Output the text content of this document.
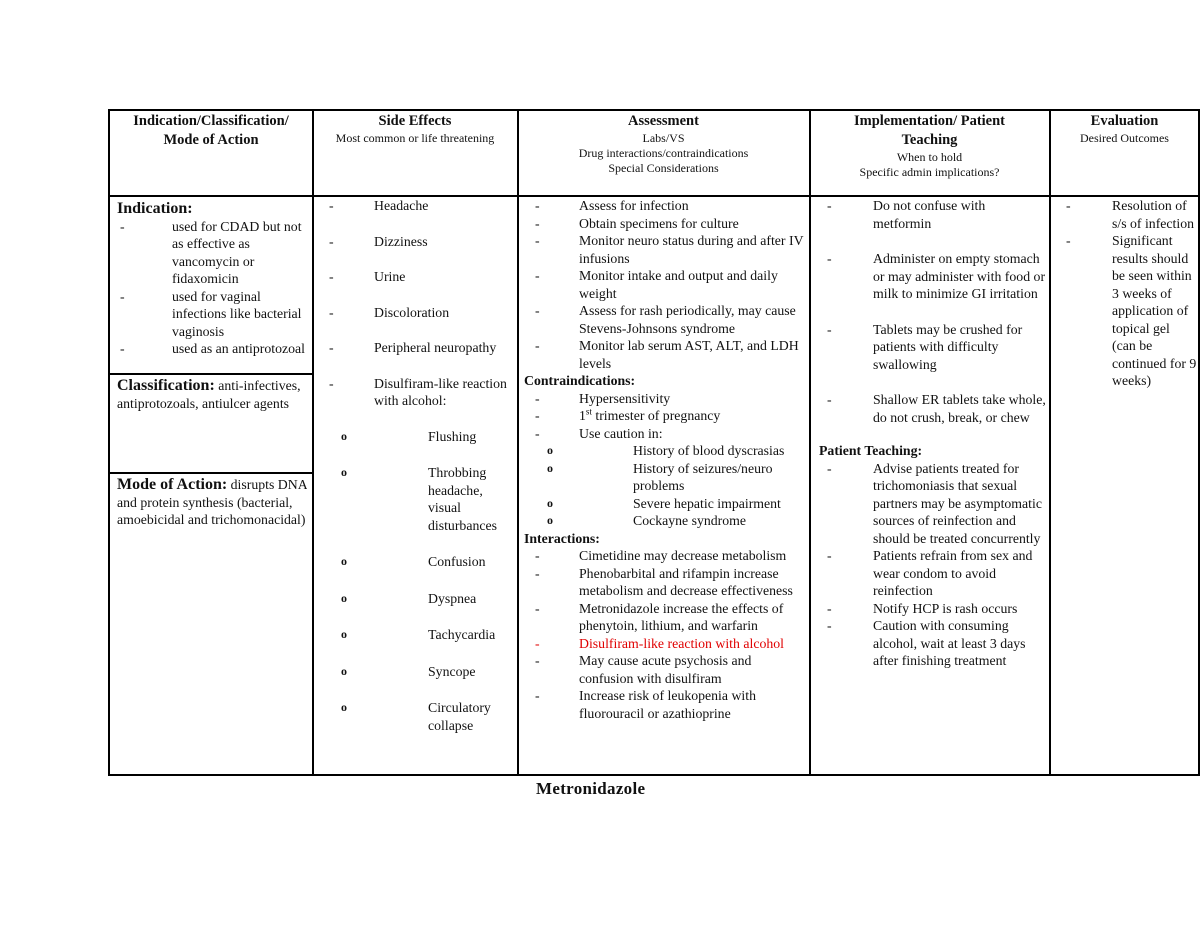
Indication/Classification/
Mode of Action
Side Effects
Most common or life threatening
Assessment
Labs/VS
Drug interactions/contraindications
Special Considerations
Implementation/ Patient
Teaching
When to hold
Specific admin implications?
Evaluation
Desired Outcomes
Indication:
- used for CDAD but not as effective as vancomycin or fidaxomicin
- used for vaginal infections like bacterial vaginosis
- used as an antiprotozoal
Classification: anti-infectives, antiprotozoals, antiulcer agents
Mode of Action: disrupts DNA and protein synthesis (bacterial, amoebicidal and trichomonacidal)
- Headache
- Dizziness
- Urine
- Discoloration
- Peripheral neuropathy
- Disulfiram-like reaction with alcohol:
o Flushing
o Throbbing headache, visual disturbances
o Confusion
o Dyspnea
o Tachycardia
o Syncope
o Circulatory collapse
- Assess for infection
- Obtain specimens for culture
- Monitor neuro status during and after IV infusions
- Monitor intake and output and daily weight
- Assess for rash periodically, may cause Stevens-Johnsons syndrome
- Monitor lab serum AST, ALT, and LDH levels
Contraindications:
- Hypersensitivity
- 1st trimester of pregnancy
- Use caution in:
o History of blood dyscrasias
o History of seizures/neuro problems
o Severe hepatic impairment
o Cockayne syndrome
Interactions:
- Cimetidine may decrease metabolism
- Phenobarbital and rifampin increase metabolism and decrease effectiveness
- Metronidazole increase the effects of phenytoin, lithium, and warfarin
- Disulfiram-like reaction with alcohol
- May cause acute psychosis and confusion with disulfiram
- Increase risk of leukopenia with fluorouracil or azathioprine
- Do not confuse with metformin
- Administer on empty stomach or may administer with food or milk to minimize GI irritation
- Tablets may be crushed for patients with difficulty swallowing
- Shallow ER tablets take whole, do not crush, break, or chew
Patient Teaching:
- Advise patients treated for trichomoniasis that sexual partners may be asymptomatic sources of reinfection and should be treated concurrently
- Patients refrain from sex and wear condom to avoid reinfection
- Notify HCP is rash occurs
- Caution with consuming alcohol, wait at least 3 days after finishing treatment
- Resolution of s/s of infection
- Significant results should be seen within 3 weeks of application of topical gel (can be continued for 9 weeks)
Metronidazole
